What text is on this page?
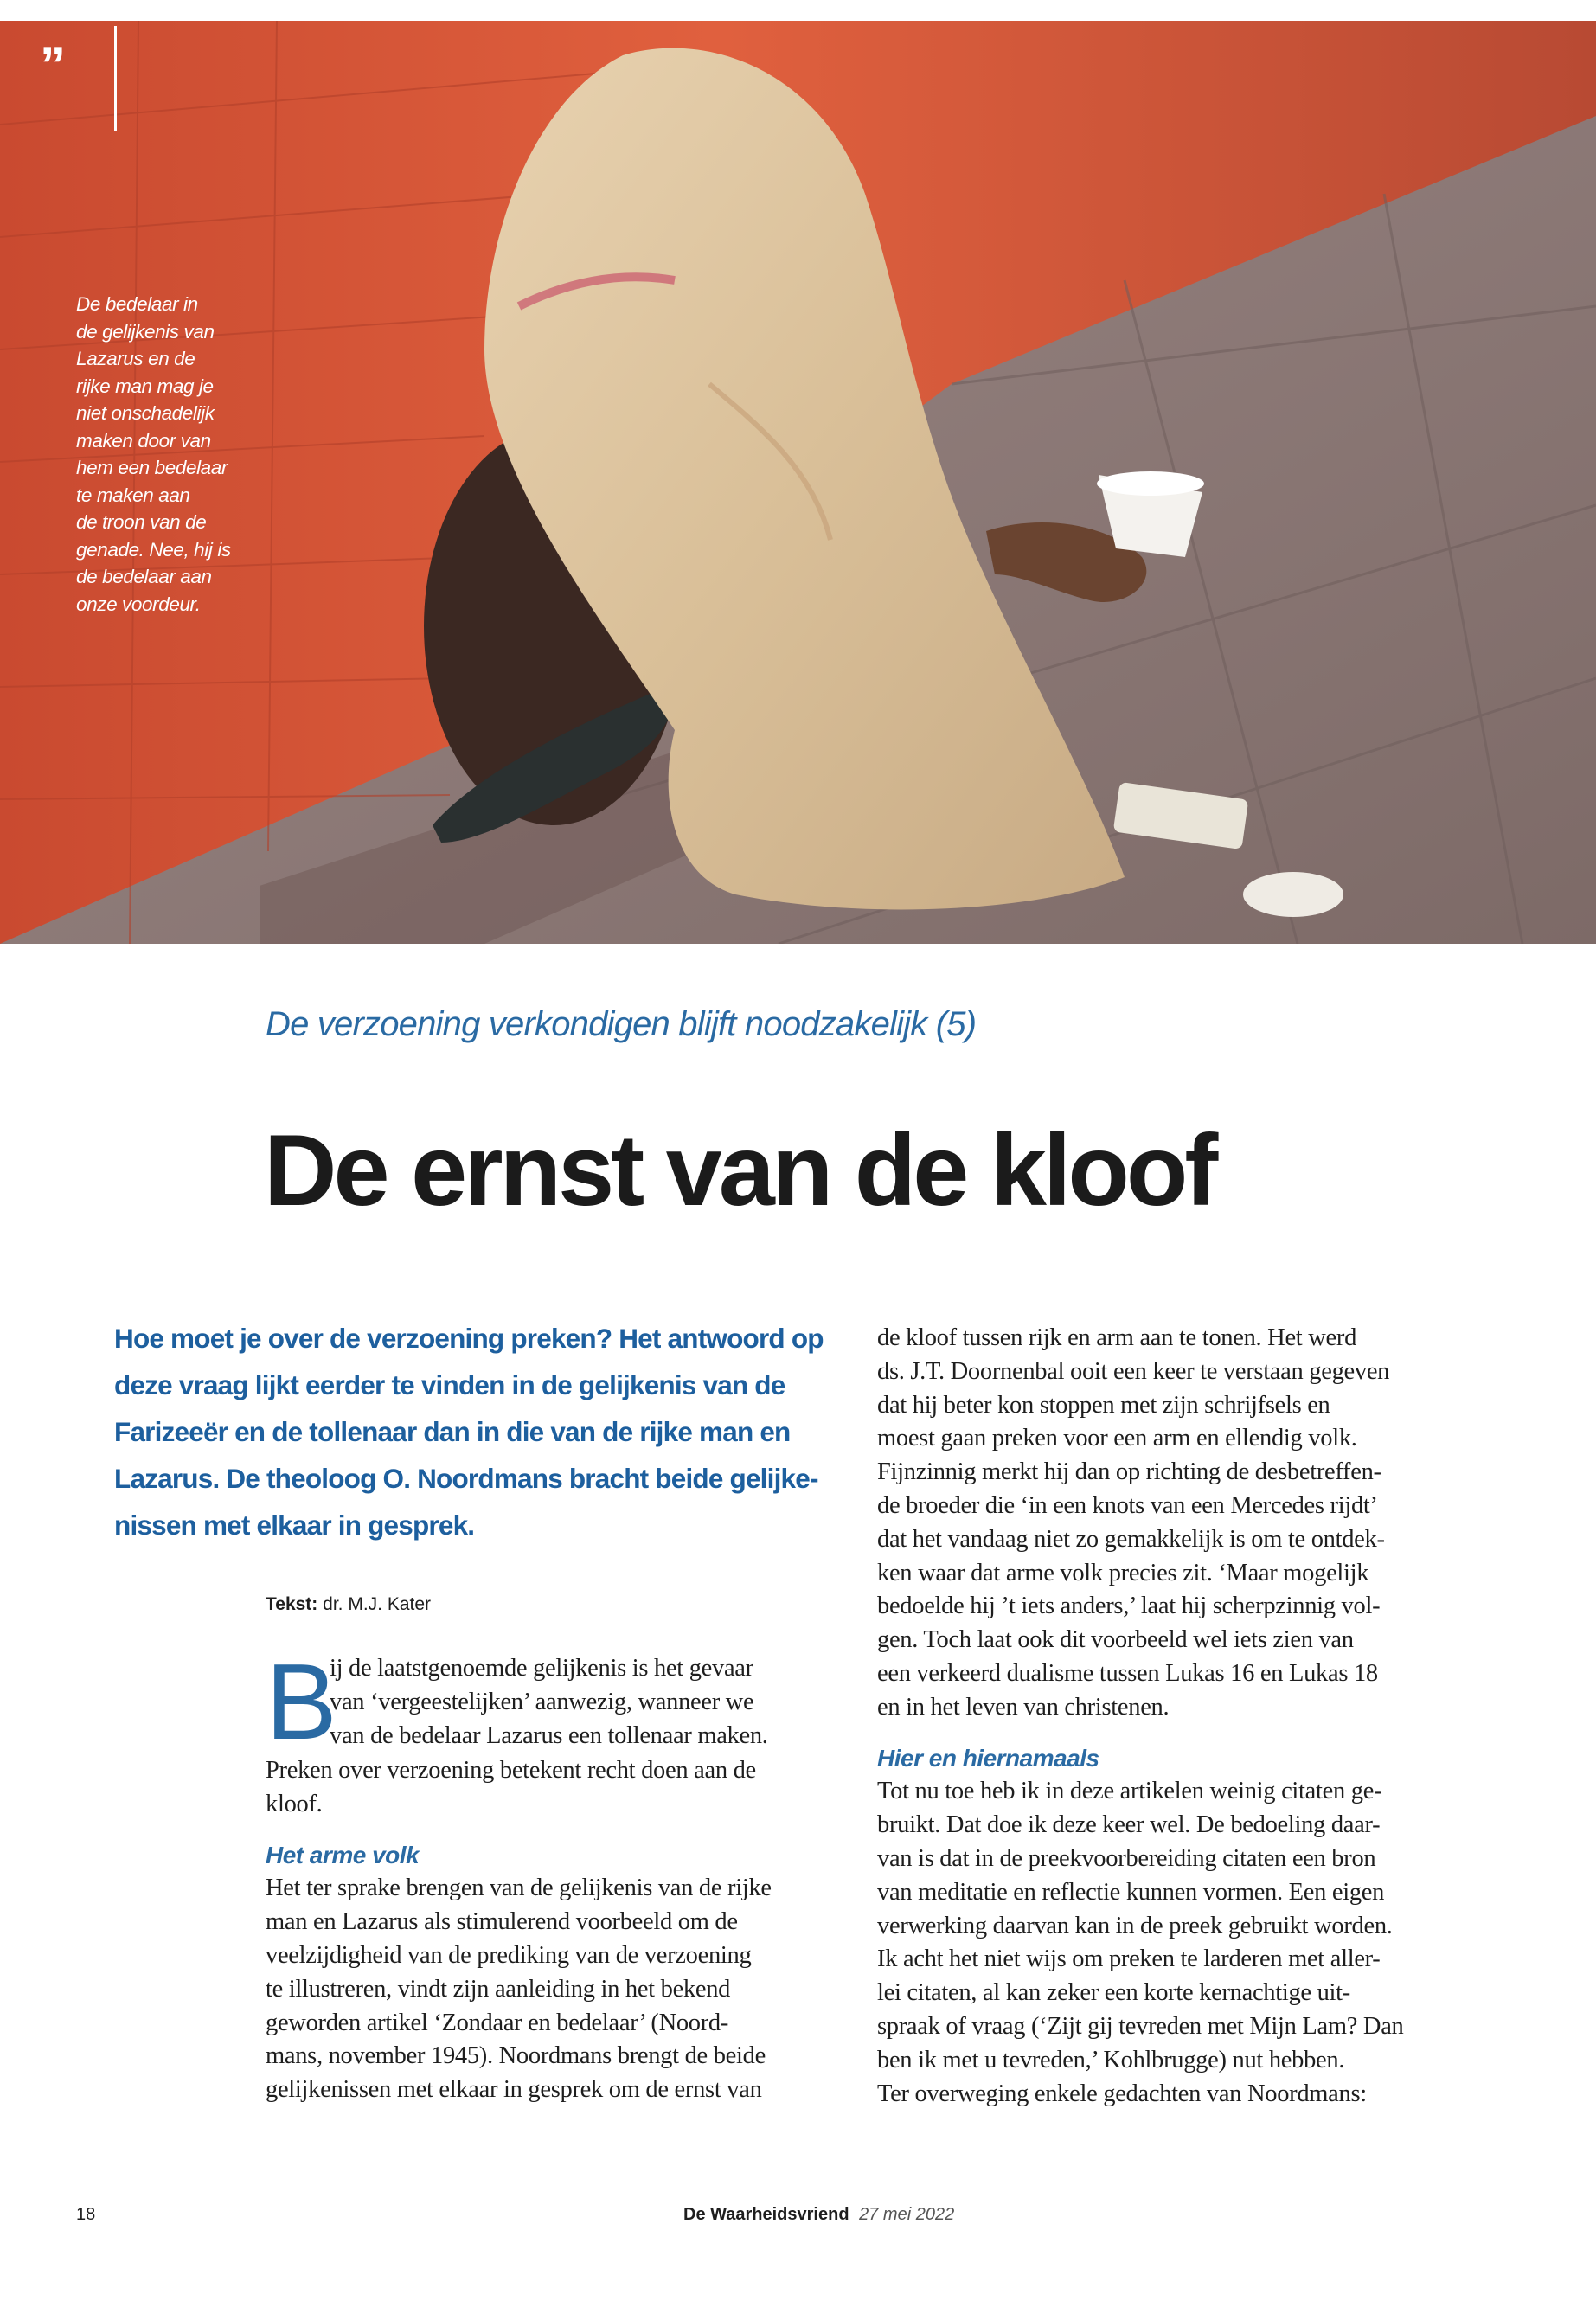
”
De bedelaar in
de gelijkenis van
Lazarus en de
rijke man mag je
niet onschadelijk
maken door van
hem een bedelaar
te maken aan
de troon van de
genade. Nee, hij is
de bedelaar aan
onze voordeur.
De verzoening verkondigen blijft noodzakelijk (5)
De ernst van de kloof
Hoe moet je over de verzoening preken? Het antwoord op
deze vraag lijkt eerder te vinden in de gelijkenis van de
Farizeeër en de tollenaar dan in die van de rijke man en
Lazarus. De theoloog O. Noordmans bracht beide gelijke-
nissen met elkaar in gesprek.
Tekst: dr. M.J. Kater
B
ij de laatstgenoemde gelijkenis is het gevaar
van ‘vergeestelijken’ aanwezig, wanneer we
van de bedelaar Lazarus een tollenaar maken.
Preken over verzoening betekent recht doen aan de
kloof.
Het arme volk
Het ter sprake brengen van de gelijkenis van de rijke
man en Lazarus als stimulerend voorbeeld om de
veelzijdigheid van de prediking van de verzoening
te illustreren, vindt zijn aanleiding in het bekend
geworden artikel ‘Zondaar en bedelaar’ (Noord-
mans, november 1945). Noordmans brengt de beide
gelijkenissen met elkaar in gesprek om de ernst van
de kloof tussen rijk en arm aan te tonen. Het werd
ds. J.T. Doornenbal ooit een keer te verstaan gegeven
dat hij beter kon stoppen met zijn schrijfsels en
moest gaan preken voor een arm en ellendig volk.
Fijnzinnig merkt hij dan op richting de desbetreffen-
de broeder die ‘in een knots van een Mercedes rijdt’
dat het vandaag niet zo gemakkelijk is om te ontdek-
ken waar dat arme volk precies zit. ‘Maar mogelijk
bedoelde hij ’t iets anders,’ laat hij scherpzinnig vol-
gen. Toch laat ook dit voorbeeld wel iets zien van
een verkeerd dualisme tussen Lukas 16 en Lukas 18
en in het leven van christenen.
Hier en hiernamaals
Tot nu toe heb ik in deze artikelen weinig citaten ge-
bruikt. Dat doe ik deze keer wel. De bedoeling daar-
van is dat in de preekvoorbereiding citaten een bron
van meditatie en reflectie kunnen vormen. Een eigen
verwerking daarvan kan in de preek gebruikt worden.
Ik acht het niet wijs om preken te larderen met aller-
lei citaten, al kan zeker een korte kernachtige uit-
spraak of vraag (‘Zijt gij tevreden met Mijn Lam? Dan
ben ik met u tevreden,’ Kohlbrugge) nut hebben.
Ter overweging enkele gedachten van Noordmans:
18	De Waarheidsvriend 27 mei 2022
